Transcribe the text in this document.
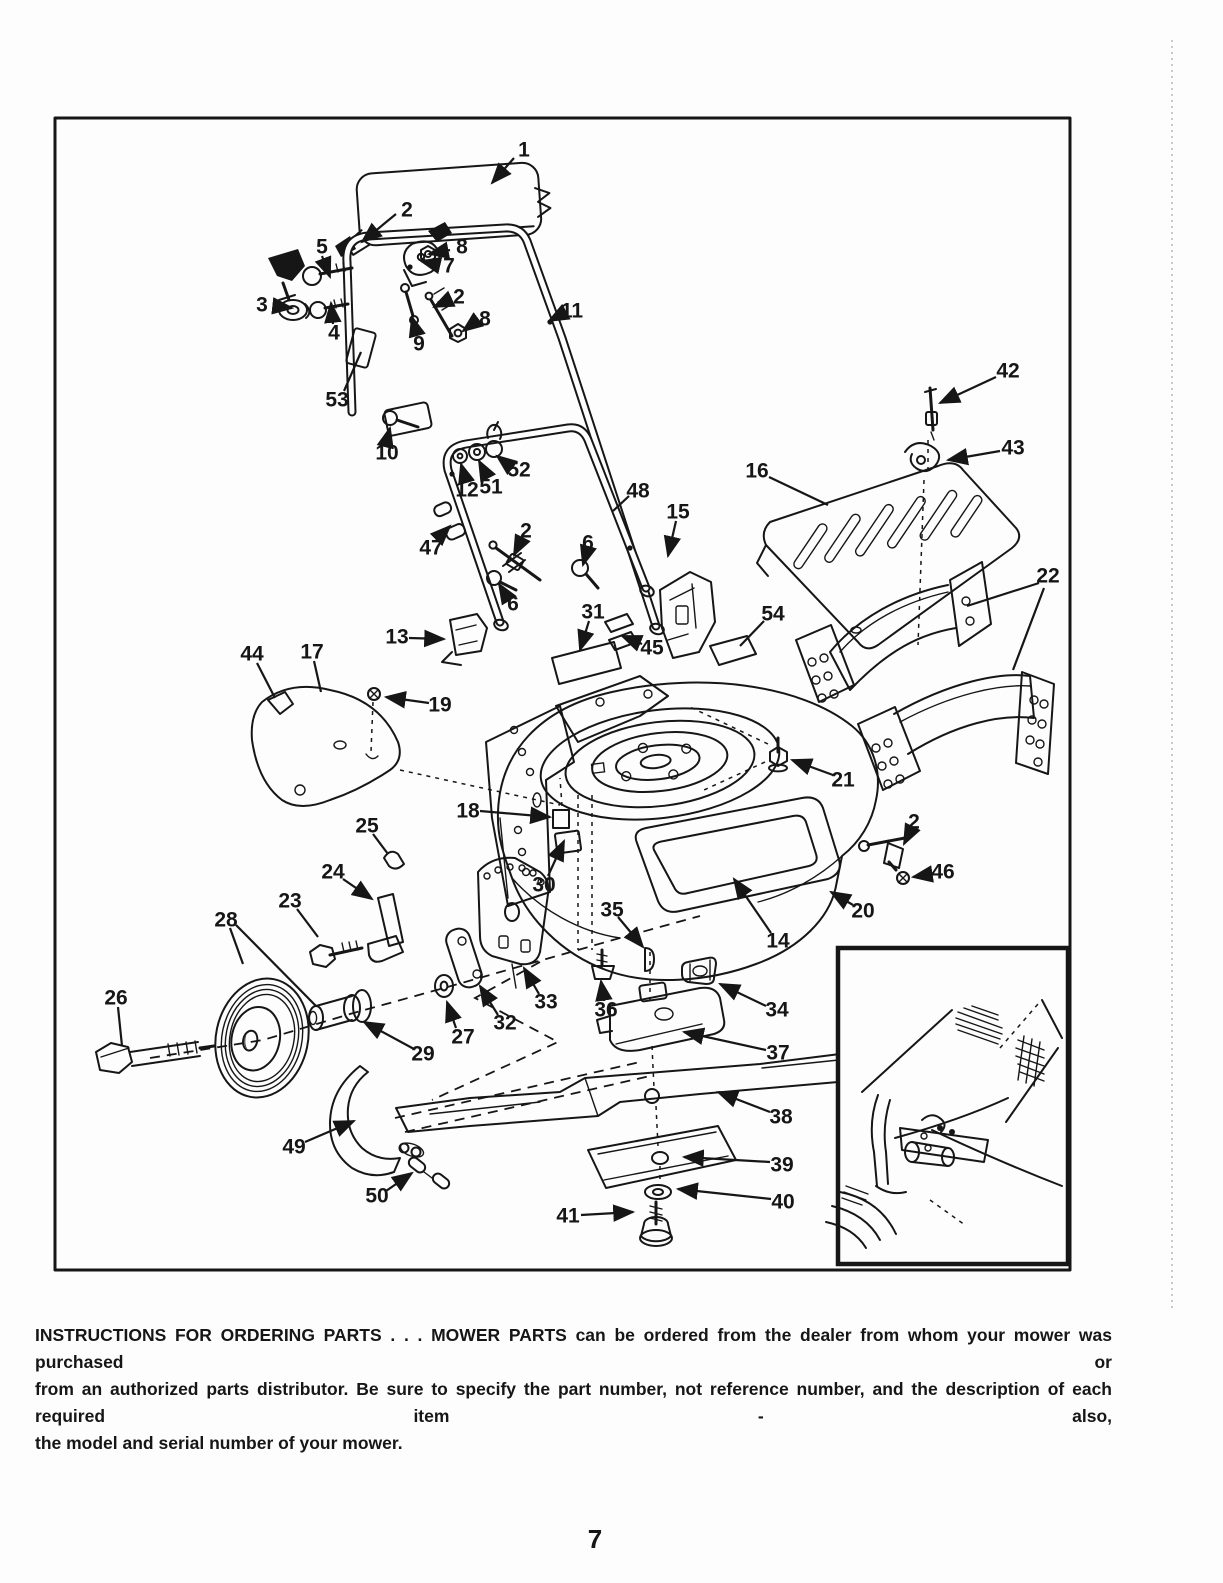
1
2
5	8
7
3	2
4	9
8	11
53
10
12 51
52
48
47
2
6
6	31
45
15
13
16
42
43
22
54
21
19
17
44
18
30
35
25
24
23
28
26
29
27
32
33 36	34
37
38
39
40
41
49
50
20
14
2
46
INSTRUCTIONS FOR ORDERING PARTS . . . MOWER PARTS can be ordered from the dealer from whom your mower was purchased or
from an authorized parts distributor. Be sure to specify the part number, not reference number, and the description of each required item - also,
the model and serial number of your mower.
7
